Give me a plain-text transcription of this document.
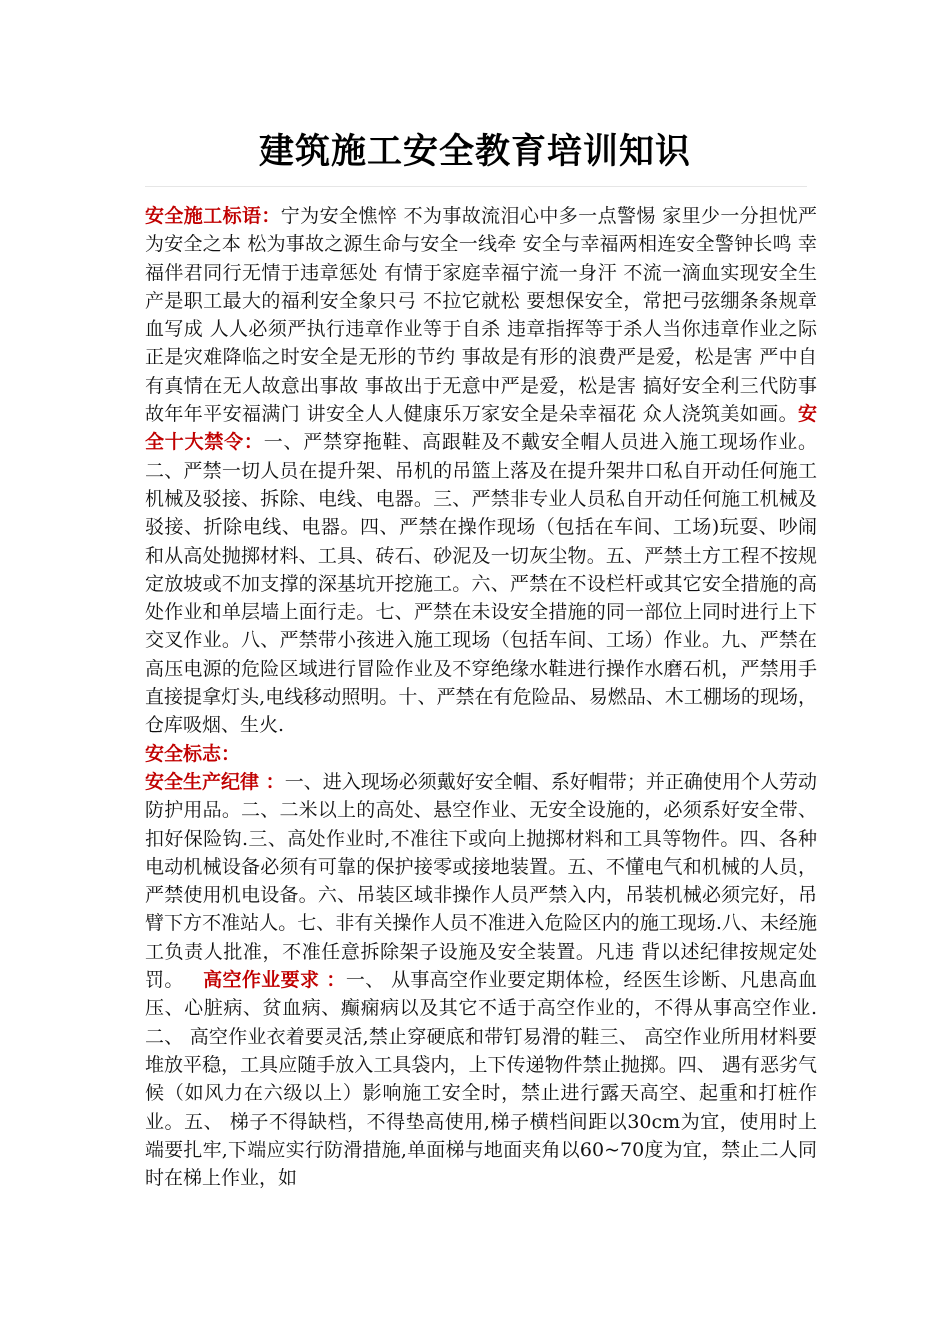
建筑施工安全教育培训知识
安全施工标语：宁为安全憔悴 不为事故流泪心中多一点警惕 家里少一分担忧严为安全之本 松为事故之源生命与安全一线牵 安全与幸福两相连安全警钟长鸣 幸福伴君同行无情于违章惩处 有情于家庭幸福宁流一身汗 不流一滴血实现安全生产是职工最大的福利安全象只弓 不拉它就松 要想保安全，常把弓弦绷条条规章血写成 人人必须严执行违章作业等于自杀 违章指挥等于杀人当你违章作业之际正是灾难降临之时安全是无形的节约 事故是有形的浪费严是爱，松是害 严中自有真情在无人故意出事故 事故出于无意中严是爱，松是害 搞好安全利三代防事故年年平安福满门 讲安全人人健康乐万家安全是朵幸福花 众人浇筑美如画。安全十大禁令：一、严禁穿拖鞋、高跟鞋及不戴安全帽人员进入施工现场作业。二、严禁一切人员在提升架、吊机的吊篮上落及在提升架井口私自开动任何施工机械及驳接、拆除、电线、电器。三、严禁非专业人员私自开动任何施工机械及驳接、折除电线、电器。四、严禁在操作现场（包括在车间、工场)玩耍、吵闹和从高处抛掷材料、工具、砖石、砂泥及一切灰尘物。五、严禁土方工程不按规定放坡或不加支撑的深基坑开挖施工。六、严禁在不设栏杆或其它安全措施的高处作业和单层墙上面行走。七、严禁在未设安全措施的同一部位上同时进行上下交叉作业。八、严禁带小孩进入施工现场（包括车间、工场）作业。九、严禁在高压电源的危险区域进行冒险作业及不穿绝缘水鞋进行操作水磨石机，严禁用手直接提拿灯头,电线移动照明。十、严禁在有危险品、易燃品、木工棚场的现场，仓库吸烟、生火.
安全标志：
安全生产纪律 ：一、进入现场必须戴好安全帽、系好帽带；并正确使用个人劳动防护用品。二、二米以上的高处、悬空作业、无安全设施的，必须系好安全带、扣好保险钩.三、高处作业时,不准往下或向上抛掷材料和工具等物件。四、各种电动机械设备必须有可靠的保护接零或接地装置。五、不懂电气和机械的人员，严禁使用机电设备。六、吊装区域非操作人员严禁入内，吊装机械必须完好，吊臂下方不准站人。七、非有关操作人员不准进入危险区内的施工现场.八、未经施工负责人批准，不准任意拆除架子设施及安全装置。凡违 背以述纪律按规定处罚。  高空作业要求 ：一、 从事高空作业要定期体检，经医生诊断、凡患高血压、心脏病、贫血病、癫痫病以及其它不适于高空作业的，不得从事高空作业.二、 高空作业衣着要灵活,禁止穿硬底和带钉易滑的鞋三、 高空作业所用材料要堆放平稳，工具应随手放入工具袋内，上下传递物件禁止抛掷。四、 遇有恶劣气候（如风力在六级以上）影响施工安全时，禁止进行露天高空、起重和打桩作业。五、 梯子不得缺档，不得垫高使用,梯子横档间距以30cm为宜，使用时上端要扎牢,下端应实行防滑措施,单面梯与地面夹角以60~70度为宜，禁止二人同时在梯上作业，如
